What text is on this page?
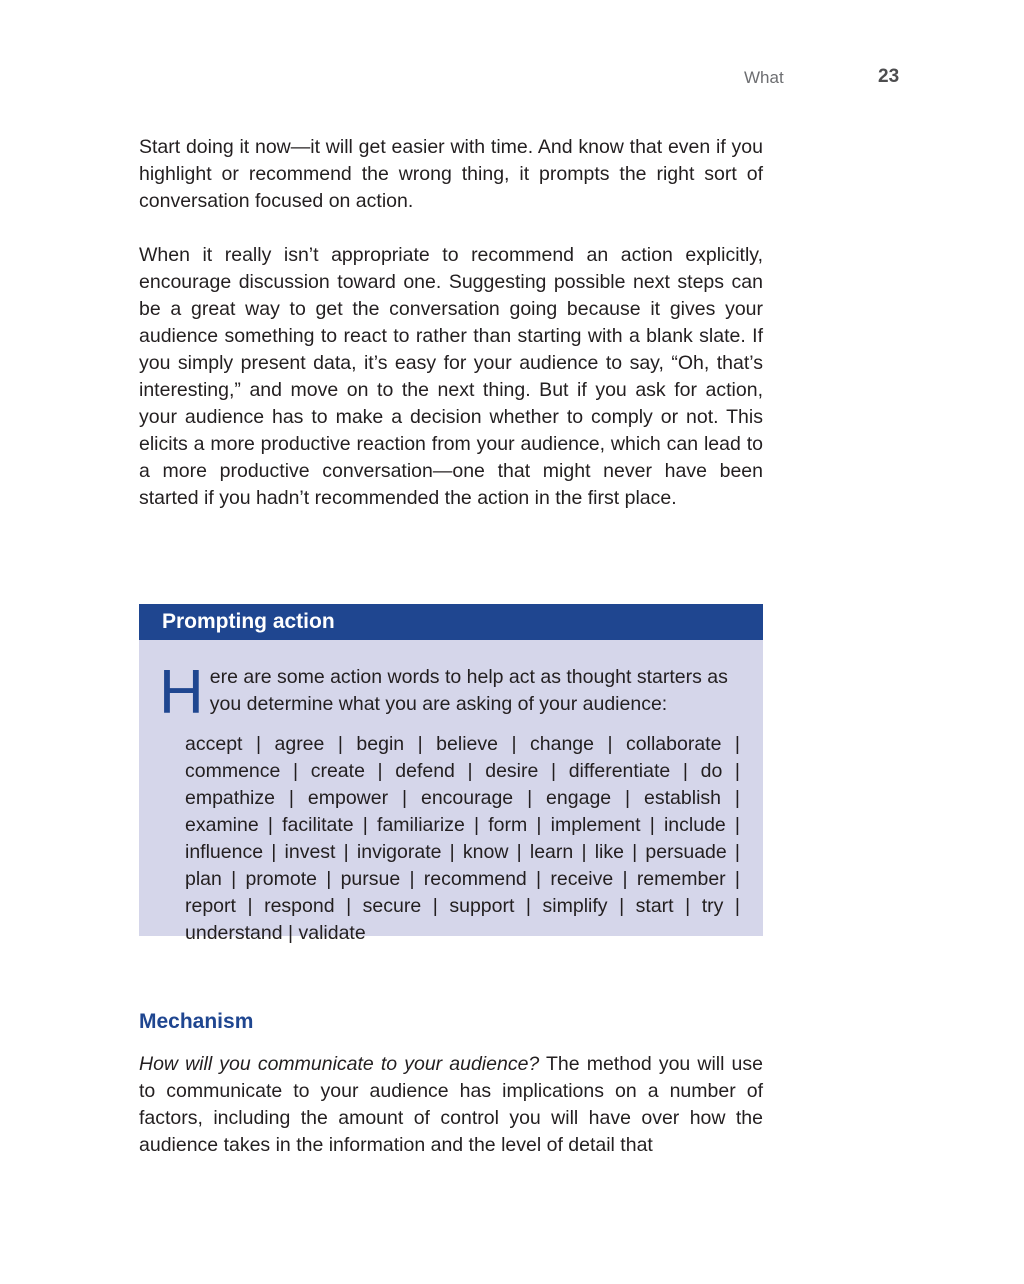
What	23

Start doing it now—it will get easier with time. And know that even if you highlight or recommend the wrong thing, it prompts the right sort of conversation focused on action.

When it really isn’t appropriate to recommend an action explicitly, encourage discussion toward one. Suggesting possible next steps can be a great way to get the conversation going because it gives your audience something to react to rather than starting with a blank slate. If you simply present data, it’s easy for your audience to say, “Oh, that’s interesting,” and move on to the next thing. But if you ask for action, your audience has to make a decision whether to comply or not. This elicits a more productive reaction from your audience, which can lead to a more productive conversation—one that might never have been started if you hadn’t recommended the action in the first place.

Prompting action
H ere are some action words to help act as thought starters as you determine what you are asking of your audience:

accept | agree | begin | believe | change | collaborate | commence | create | defend | desire | differentiate | do | empathize | empower | encourage | engage | establish | examine | facilitate | familiarize | form | implement | include | influence | invest | invigorate | know | learn | like | persuade | plan | promote | pursue | recommend | receive | remember | report | respond | secure | support | simplify | start | try | understand | validate

Mechanism

How will you communicate to your audience? The method you will use to communicate to your audience has implications on a number of factors, including the amount of control you will have over how the audience takes in the information and the level of detail that
